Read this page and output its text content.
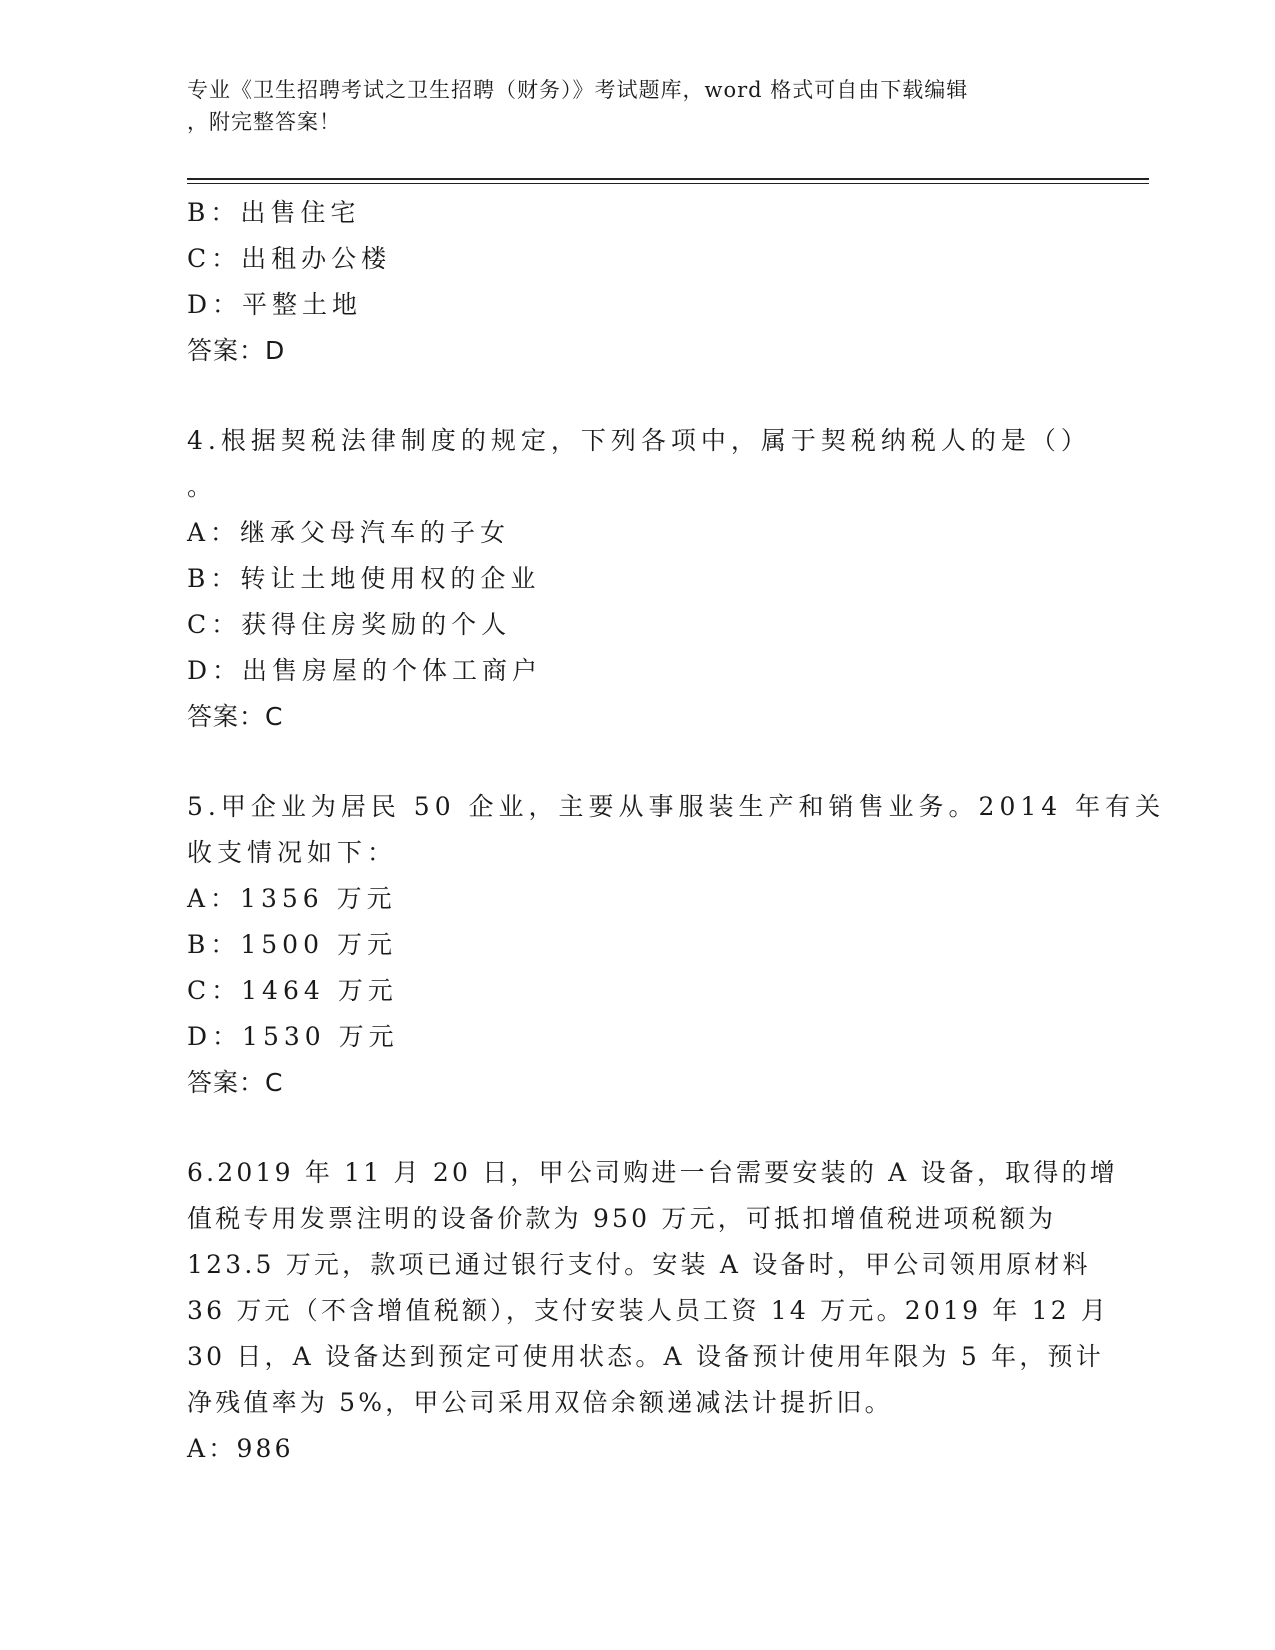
专业《卫生招聘考试之卫生招聘（财务）》考试题库，word 格式可自由下载编辑
，附完整答案！
B：出售住宅
C：出租办公楼
D：平整土地
答案：D
4.根据契税法律制度的规定，下列各项中，属于契税纳税人的是（）
。
A：继承父母汽车的子女
B：转让土地使用权的企业
C：获得住房奖励的个人
D：出售房屋的个体工商户
答案：C
5.甲企业为居民 50 企业，主要从事服装生产和销售业务。2014 年有关
收支情况如下：
A：1356 万元
B：1500 万元
C：1464 万元
D：1530 万元
答案：C
6.2019 年 11 月 20 日，甲公司购进一台需要安装的 A 设备，取得的增
值税专用发票注明的设备价款为 950 万元，可抵扣增值税进项税额为
123.5 万元，款项已通过银行支付。安装 A 设备时，甲公司领用原材料
36 万元（不含增值税额），支付安装人员工资 14 万元。2019 年 12 月
30 日，A 设备达到预定可使用状态。A 设备预计使用年限为 5 年，预计
净残值率为 5%，甲公司采用双倍余额递减法计提折旧。
A：986
